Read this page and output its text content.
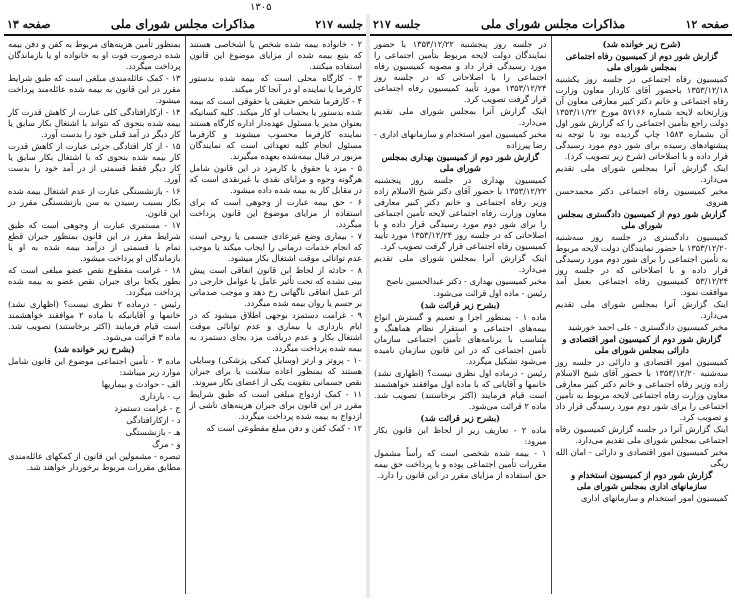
۱۳۰۵
صفحه ۱۲
مذاکرات مجلس شورای ملی
جلسه ۲۱۷

(شرح زیر خوانده شد)

گزارش شور دوم از کمیسیون رفاه اجتماعی بمجلس شورای ملی

کمیسیون رفاه اجتماعی در جلسه روز یکشنبه ۱۳۵۳/۱۲/۱۸ باحضور آقای کاردار معاون وزارت رفاه اجتماعی و خانم دکتر کبیر معارفی معاون آن وزارتخانه لایحه شماره ۵۷۱۶۶ مورخ ۱۳۵۳/۱۱/۲۲ دولت راجع بتأمین اجتماعی را که گزارش شور اول آن بشماره ۱۵۸۳ چاپ گردیده بود با توجه به پیشنهادهای رسیده برای شور دوم مورد رسیدگی قرار داده و با اصلاحاتی (شرح زیر تصویب کرد).

اینک گزارش آنرا بمجلس شورای ملی تقدیم می‌دارد.

مخبر کمیسیون رفاه اجتماعی دکتر محمدحسن هنروی

گزارش شور دوم از کمیسیون دادگستری بمجلس شورای ملی

کمیسیون دادگستری در جلسه روز سه‌شنبه ۱۳۵۳/۱۲/۲۰ با حضور نمایندگان دولت لایحه مربوط به تأمین اجتماعی را برای شور دوم مورد رسیدگی قرار داده و با اصلاحاتی که در جلسه روز ۵۳/۱۲/۲۴ کمیسیون رفاه اجتماعی بعمل آمد موافقت نمود.

اینک گزارش آنرا بمجلس شورای ملی تقدیم می‌دارد.

مخبر کمیسیون دادگستری - علی احمد خورشید

گزارش شور دوم از کمیسیون امور اقتصادی و دارائی بمجلس شورای ملی

کمیسیون امور اقتصادی و دارائی در جلسه روز سه‌شنبه ۱۳۵۳/۱۲/۲۰ با حضور آقای شیخ الاسلام زاده وزیر رفاه اجتماعی و خانم دکتر کبیر معارفی معاون وزارت رفاه اجتماعی لایحه مربوط به تأمین اجتماعی را برای شور دوم مورد رسیدگی قرار داد و تصویب کرد.

اینک گزارش آنرا در جلسه گزارش کمیسیون رفاه اجتماعی بمجلس شورای ملی تقدیم می‌دارد.

مخبر کمیسیون امور اقتصادی و دارائی - امان الله ریگی

گزارش شور دوم از کمیسیون استخدام و سازمانهای اداری بمجلس شورای ملی

کمیسیون امور استخدام و سازمانهای اداری

در جلسه روز پنجشنبه ۱۳۵۳/۱۲/۲۲ با حضور نمایندگان دولت لایحه مربوط بتأمین اجتماعی را مورد رسیدگی قرار داد و مصوبه کمیسیون رفاه اجتماعی را با اصلاحاتی که در جلسه روز ۱۳۵۳/۱۲/۲۴ مورد تأیید کمیسیون رفاه اجتماعی قرار گرفت تصویب کرد.

اینک گزارش آنرا بمجلس شورای ملی تقدیم می‌دارد.

مخبر کمیسیون امور استخدام و سازمانهای اداری - رضا پیرزاده

گزارش شور دوم از کمیسیون بهداری بمجلس شورای ملی

کمیسیون بهداری در جلسه روز پنجشنبه ۱۳۵۳/۱۲/۲۲ با حضور آقای دکتر شیخ الاسلام زاده وزیر رفاه اجتماعی و خانم دکتر کبیر معارفی معاون وزارت رفاه اجتماعی لایحه تأمین اجتماعی را برای شور دوم مورد رسیدگی قرار داده و با اصلاحاتی که در جلسه روز ۱۳۵۳/۱۲/۲۴ مورد تأیید کمیسیون رفاه اجتماعی قرار گرفت تصویب کرد.

اینک گزارش آنرا بمجلس شورای ملی تقدیم می‌دارد.

مخبر کمیسیون بهداری - دکتر عبدالحسین ناصح

رئیس - ماده اول قرائت می‌شود.

(بشرح زیر قرائت شد)

ماده ۱ - بمنظور اجرا و تعمیم و گسترش انواع بیمه‌های اجتماعی و استقرار نظام هماهنگ و متناسب با برنامه‌های تأمین اجتماعی سازمان تأمین اجتماعی که در این قانون سازمان نامیده می‌شود تشکیل میگردد.

رئیس - درماده اول نظری نیست؟ (اظهاری نشد) خانمها و آقایانی که با ماده اول موافقند خواهشمند است قیام فرمایند (اکثر برخاستند) تصویب شد. ماده ۲ قرائت می‌شود.

(بشرح زیر قرائت شد)

ماده ۲ - تعاریف زیر از لحاظ این قانون بکار میرود:

۱ - بیمه شده شخصی است که رأساً مشمول مقررات تأمین اجتماعی بوده و با پرداخت حق بیمه حق استفاده از مزایای مقرر در این قانون را دارد.

جلسه ۲۱۷
مذاکرات مجلس شورای ملی
صفحه ۱۳

۲ - خانواده بیمه شده شخص یا اشخاصی هستند که بتبع بیمه شده از مزایای موضوع این قانون استفاده میکنند.

۳ - کارگاه محلی است که بیمه شده بدستور کارفرما یا نماینده او در آنجا کار میکند.

۴ - کارفرما شخص حقیقی یا حقوقی است که بیمه شده بدستور یا بحساب او کار میکند. کلیه کسانیکه بعنوان مدیر یا مسئول عهده‌دار اداره کارگاه هستند نماینده کارفرما محسوب میشوند و کارفرما مسئول انجام کلیه تعهداتی است که نمایندگان مزبور در قبال بیمه‌شده بعهده میگیرند.

۵ - مزد یا حقوق یا کارمزد در این قانون شامل هرگونه وجوه و مزایای نقدی یا غیرنقدی است که در مقابل کار به بیمه شده داده میشود.

۶ - حق بیمه عبارت از وجوهی است که برای استفاده از مزایای موضوع این قانون پرداخت میگردد.

۷ - بیماری وضع غیرعادی جسمی یا روحی است که انجام خدمات درمانی را ایجاب میکند یا موجب عدم توانائی موقت اشتغال بکار میشود.

۸ - حادثه از لحاظ این قانون اتفاقی است پیش بینی نشده که تحت تأثیر عامل یا عوامل خارجی در اثر عمل اتفاقی ناگهانی رخ دهد و موجب صدماتی بر جسم یا روان بیمه شده میگردد.

۹ - غرامت دستمزد بوجهی اطلاق میشود که در ایام بارداری یا بیماری و عدم توانائی موقت اشتغال بکار و عدم دریافت مزد بجای دستمزد به بیمه شده پرداخت میگردد.

۱۰ - پروتز و ارتز (وسایل کمکی پزشکی) وسایلی هستند که بمنظور اعاده سلامت یا برای جبران نقص جسمانی بتقویت یکی از اعضای بکار میروند.

۱۱ - کمک ازدواج مبلغی است که طبق شرایط مقرر در این قانون برای جبران هزینه‌های ناشی از ازدواج به بیمه شده پرداخت میگردد.

۱۲ - کمک کفن و دفن مبلغ مقطوعی است که

بمنظور تأمین هزینه‌های مربوط به کفن و دفن بیمه شده درصورت فوت او به خانواده او یا بازماندگان پرداخت میگردد.

۱۳ - کمک عائله‌مندی مبلغی است که طبق شرایط مقرر در این قانون به بیمه شده عائله‌مند پرداخت میشود.

۱۴ - ازکارافتادگی کلی عبارت از کاهش قدرت کار بیمه شده بنحوی که نتواند با اشتغال بکار سابق یا کار دیگر در آمد قبلی خود را بدست آورد.

۱۵ - از کار افتادگی جزئی عبارت از کاهش قدرت کار بیمه شده بنحوی که با اشتغال بکار سابق یا کار دیگر فقط قسمتی از در آمد خود را بدست آورد.

۱۶ - بازنشستگی عبارت از عدم اشتغال بیمه شده بکار بسبب رسیدن به سن بازنشستگی مقرر در این قانون.

۱۷ - مستمری عبارت از وجوهی است که طبق شرایط مقرر در این قانون بمنظور جبران قطع تمام یا قسمتی از درآمد بیمه شده به او یا بازماندگان او پرداخت میشود.

۱۸ - غرامت مقطوع نقص عضو مبلغی است که بطور یکجا برای جبران نقص عضو به بیمه شده پرداخت میگردد.

رئیس - درماده ۲ نظری نیست؟ (اظهاری نشد) خانمها و آقایانیکه با ماده ۲ موافقند خواهشمند است قیام فرمایند (اکثر برخاستند) تصویب شد. ماده ۳ قرائت می‌شود.

(بشرح زیر خوانده شد)

ماده ۳ - تأمین اجتماعی موضوع این قانون شامل موارد زیر میباشد:

الف - حوادث و بیماریها

ب - بارداری

ج - غرامت دستمزد

د - ازکارافتادگی

هـ - بازنشستگی

و - مرگ

تبصره - مشمولین این قانون از کمکهای عائله‌مندی مطابق مقررات مربوط برخوردار خواهند شد.
